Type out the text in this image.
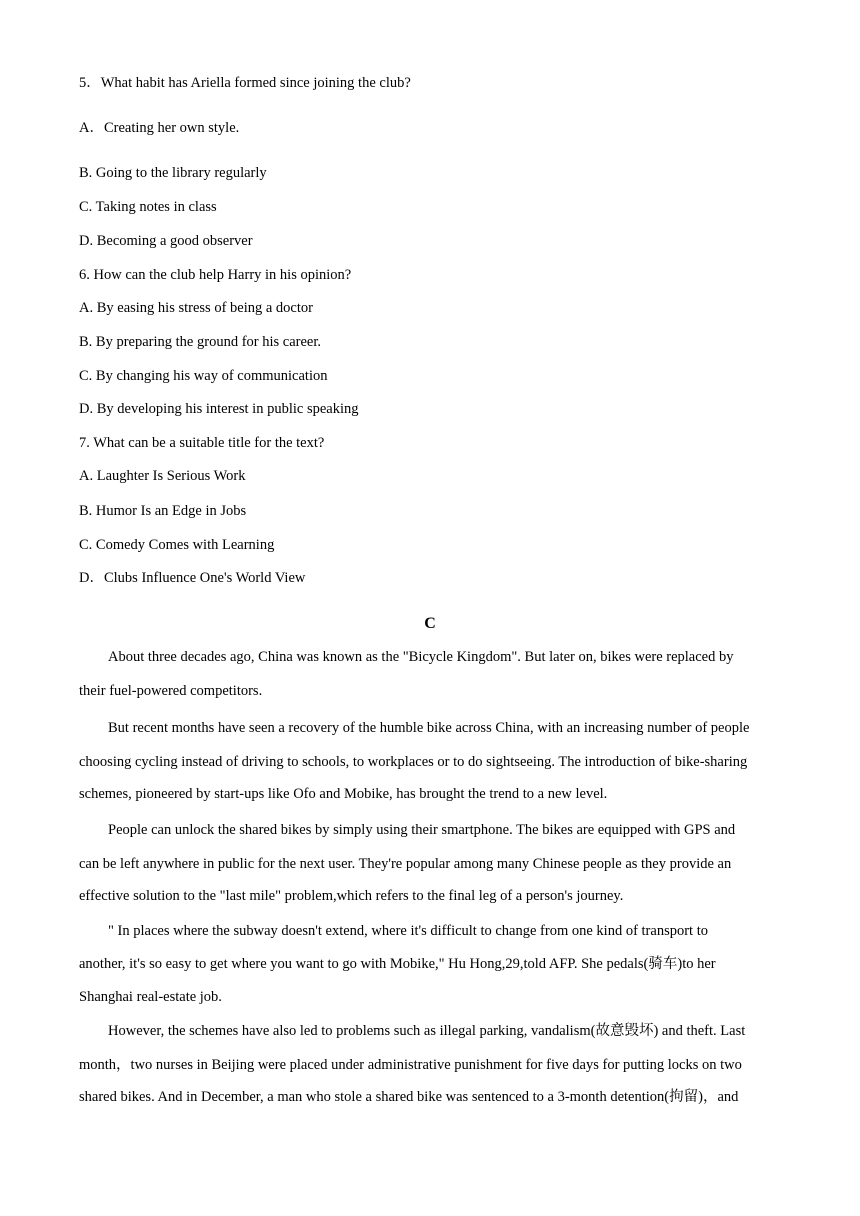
5．What habit has Ariella formed since joining the club?
A．Creating her own style.
B. Going to the library regularly
C. Taking notes in class
D. Becoming a good observer
6. How can the club help Harry in his opinion?
A. By easing his stress of being a doctor
B. By preparing the ground for his career.
C. By changing his way of communication
D. By developing his interest in public speaking
7. What can be a suitable title for the text?
A. Laughter Is Serious Work
B. Humor Is an Edge in Jobs
C. Comedy Comes with Learning
D．Clubs Influence One's World View
C
About three decades ago, China was known as the "Bicycle Kingdom". But later on, bikes were replaced by
their fuel-powered competitors.
But recent months have seen a recovery of the humble bike across China, with an increasing number of people
choosing cycling instead of driving to schools, to workplaces or to do sightseeing. The introduction of bike-sharing
schemes, pioneered by start-ups like Ofo and Mobike, has brought the trend to a new level.
People can unlock the shared bikes by simply using their smartphone. The bikes are equipped with GPS and
can be left anywhere in public for the next user. They're popular among many Chinese people as they provide an
effective solution to the "last mile" problem,which refers to the final leg of a person's journey.
" In places where the subway doesn't extend, where it's difficult to change from one kind of transport to
another, it's so easy to get where you want to go with Mobike," Hu Hong,29,told AFP. She pedals(骑车)to her
Shanghai real-estate job.
However, the schemes have also led to problems such as illegal parking, vandalism(故意毁坏) and theft. Last
month，two nurses in Beijing were placed under administrative punishment for five days for putting locks on two
shared bikes. And in December, a man who stole a shared bike was sentenced to a 3-month detention(拘留)，and
